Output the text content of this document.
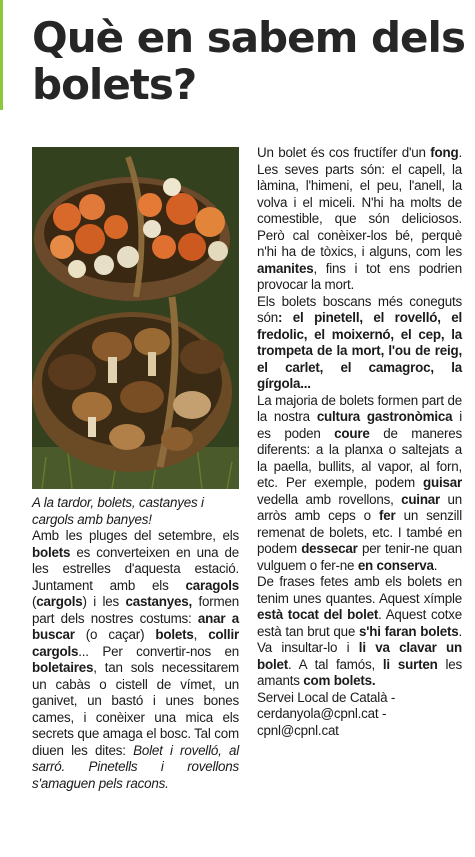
Què en sabem dels bolets?

A la tardor, bolets, castanyes i cargols amb banyes!

Amb les pluges del setembre, els bolets es converteixen en una de les estrelles d'aquesta estació. Juntament amb els caragols (cargols) i les castanyes, formen part dels nostres costums: anar a buscar (o caçar) bolets, collir cargols... Per convertir-nos en boletaires, tan sols necessitarem un cabàs o cistell de vímet, un ganivet, un bastó i unes bones cames, i conèixer una mica els secrets que amaga el bosc. Tal com diuen les dites: Bolet i rovelló, al sarró. Pinetells i rovellons s'amaguen pels racons.

Un bolet és cos fructífer d'un fong. Les seves parts són: el capell, la làmina, l'himeni, el peu, l'anell, la volva i el miceli. N'hi ha molts de comestible, que són deliciosos. Però cal conèixer-los bé, perquè n'hi ha de tòxics, i alguns, com les amanites, fins i tot ens podrien provocar la mort.

Els bolets boscans més coneguts són: el pinetell, el rovelló, el fredolic, el moixernó, el cep, la trompeta de la mort, l'ou de reig, el carlet, el camagroc, la gírgola...

La majoria de bolets formen part de la nostra cultura gastronòmica i es poden coure de maneres diferents: a la planxa o saltejats a la paella, bullits, al vapor, al forn, etc. Per exemple, podem guisar vedella amb rovellons, cuinar un arròs amb ceps o fer un senzill remenat de bolets, etc. I també en podem dessecar per tenir-ne quan vulguem o fer-ne en conserva.

De frases fetes amb els bolets en tenim unes quantes. Aquest xímple està tocat del bolet. Aquest cotxe està tan brut que s'hi faran bolets. Va insultar-lo i li va clavar un bolet. A tal famós, li surten les amants com bolets.

Servei Local de Català - cerdanyola@cpnl.cat - cpnl@cpnl.cat
